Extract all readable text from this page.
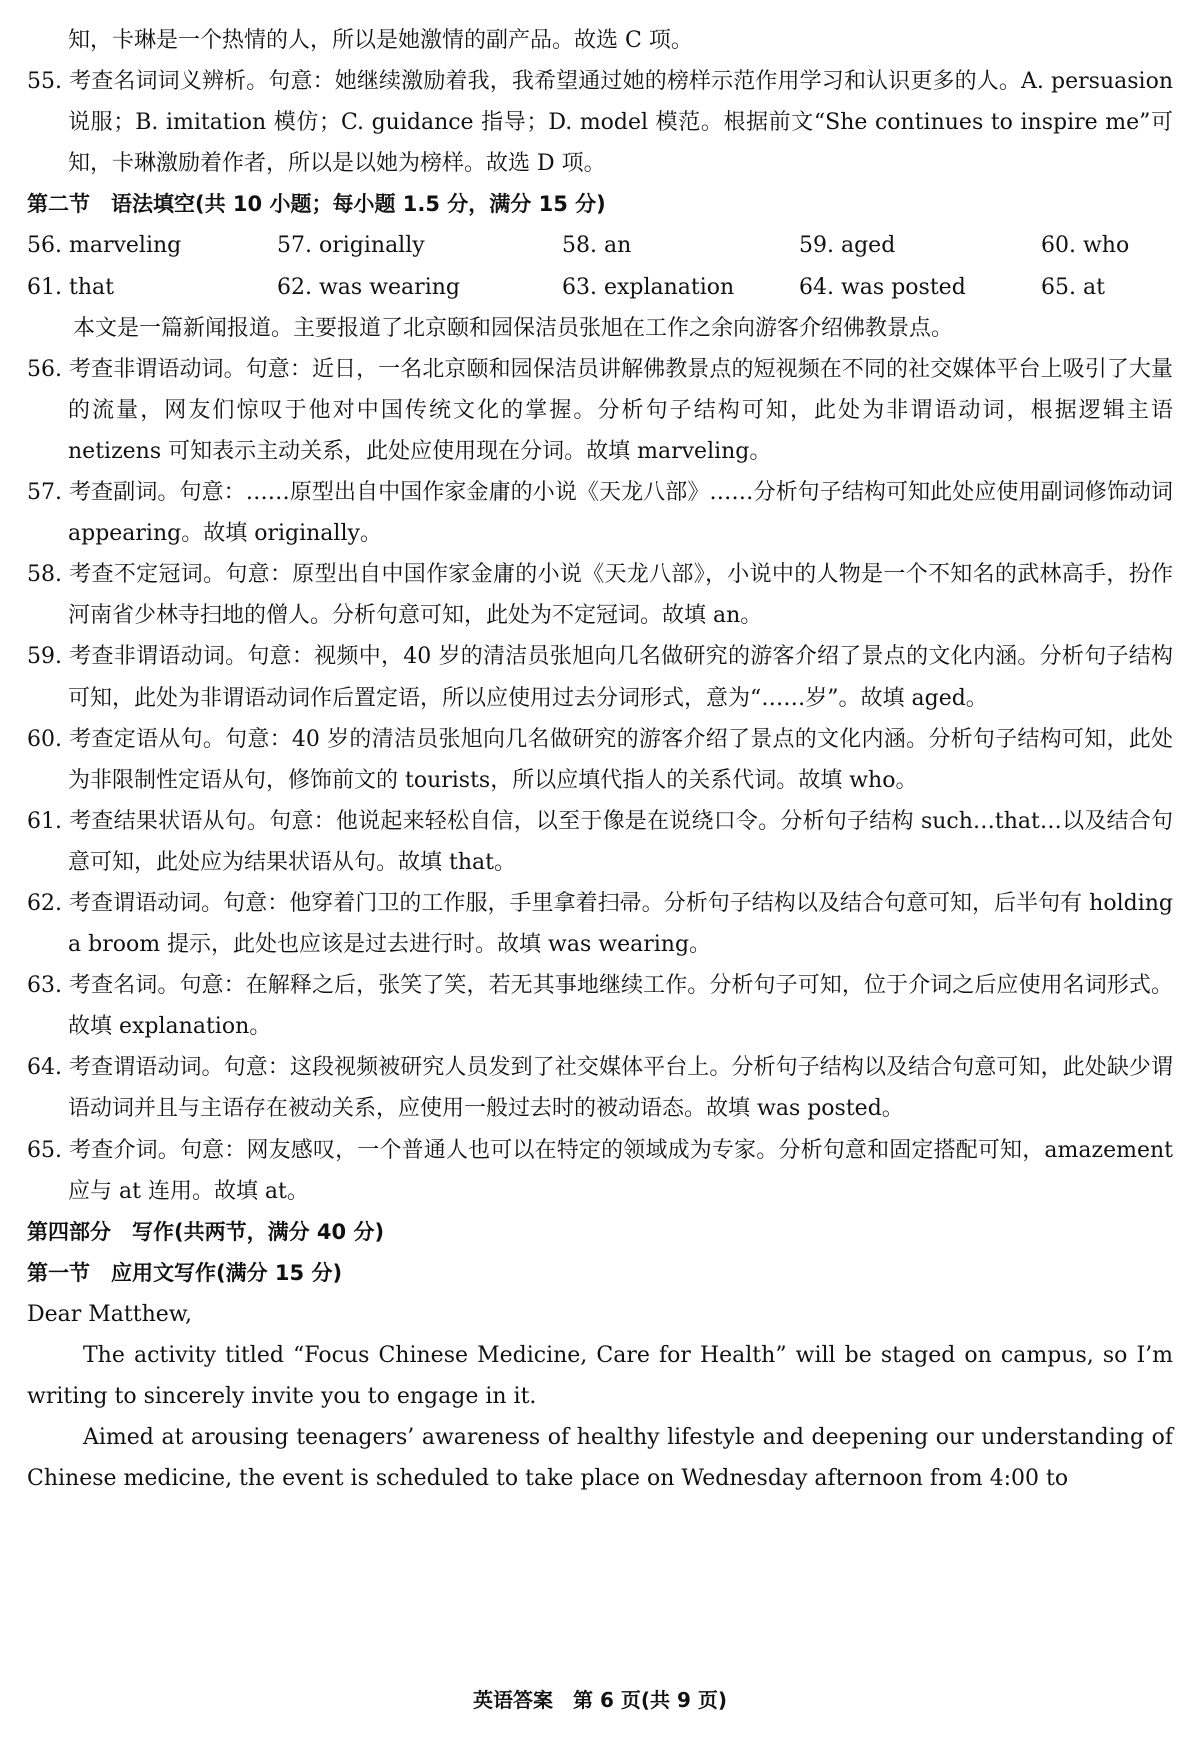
知，卡琳是一个热情的人，所以是她激情的副产品。故选 C 项。

55. 考查名词词义辨析。句意：她继续激励着我，我希望通过她的榜样示范作用学习和认识更多的人。A. persuasion 说服；B. imitation 模仿；C. guidance 指导；D. model 模范。根据前文“She continues to inspire me”可知，卡琳激励着作者，所以是以她为榜样。故选 D 项。

第二节　语法填空(共 10 小题；每小题 1.5 分，满分 15 分)

56. marveling	57. originally	58. an	59. aged	60. who
61. that	62. was wearing	63. explanation	64. was posted	65. at

本文是一篇新闻报道。主要报道了北京颐和园保洁员张旭在工作之余向游客介绍佛教景点。

56. 考查非谓语动词。句意：近日，一名北京颐和园保洁员讲解佛教景点的短视频在不同的社交媒体平台上吸引了大量的流量，网友们惊叹于他对中国传统文化的掌握。分析句子结构可知，此处为非谓语动词，根据逻辑主语 netizens 可知表示主动关系，此处应使用现在分词。故填 marveling。

57. 考查副词。句意：……原型出自中国作家金庸的小说《天龙八部》……分析句子结构可知此处应使用副词修饰动词 appearing。故填 originally。

58. 考查不定冠词。句意：原型出自中国作家金庸的小说《天龙八部》，小说中的人物是一个不知名的武林高手，扮作河南省少林寺扫地的僧人。分析句意可知，此处为不定冠词。故填 an。

59. 考查非谓语动词。句意：视频中，40 岁的清洁员张旭向几名做研究的游客介绍了景点的文化内涵。分析句子结构可知，此处为非谓语动词作后置定语，所以应使用过去分词形式，意为“……岁”。故填 aged。

60. 考查定语从句。句意：40 岁的清洁员张旭向几名做研究的游客介绍了景点的文化内涵。分析句子结构可知，此处为非限制性定语从句，修饰前文的 tourists，所以应填代指人的关系代词。故填 who。

61. 考查结果状语从句。句意：他说起来轻松自信，以至于像是在说绕口令。分析句子结构 such…that…以及结合句意可知，此处应为结果状语从句。故填 that。

62. 考查谓语动词。句意：他穿着门卫的工作服，手里拿着扫帚。分析句子结构以及结合句意可知，后半句有 holding a broom 提示，此处也应该是过去进行时。故填 was wearing。

63. 考查名词。句意：在解释之后，张笑了笑，若无其事地继续工作。分析句子可知，位于介词之后应使用名词形式。故填 explanation。

64. 考查谓语动词。句意：这段视频被研究人员发到了社交媒体平台上。分析句子结构以及结合句意可知，此处缺少谓语动词并且与主语存在被动关系，应使用一般过去时的被动语态。故填 was posted。

65. 考查介词。句意：网友感叹，一个普通人也可以在特定的领域成为专家。分析句意和固定搭配可知，amazement 应与 at 连用。故填 at。

第四部分　写作(共两节，满分 40 分)

第一节　应用文写作(满分 15 分)

Dear Matthew,

The activity titled “Focus Chinese Medicine, Care for Health” will be staged on campus, so I’m writing to sincerely invite you to engage in it.

Aimed at arousing teenagers’ awareness of healthy lifestyle and deepening our understanding of Chinese medicine, the event is scheduled to take place on Wednesday afternoon from 4:00 to

英语答案　第 6 页(共 9 页)
